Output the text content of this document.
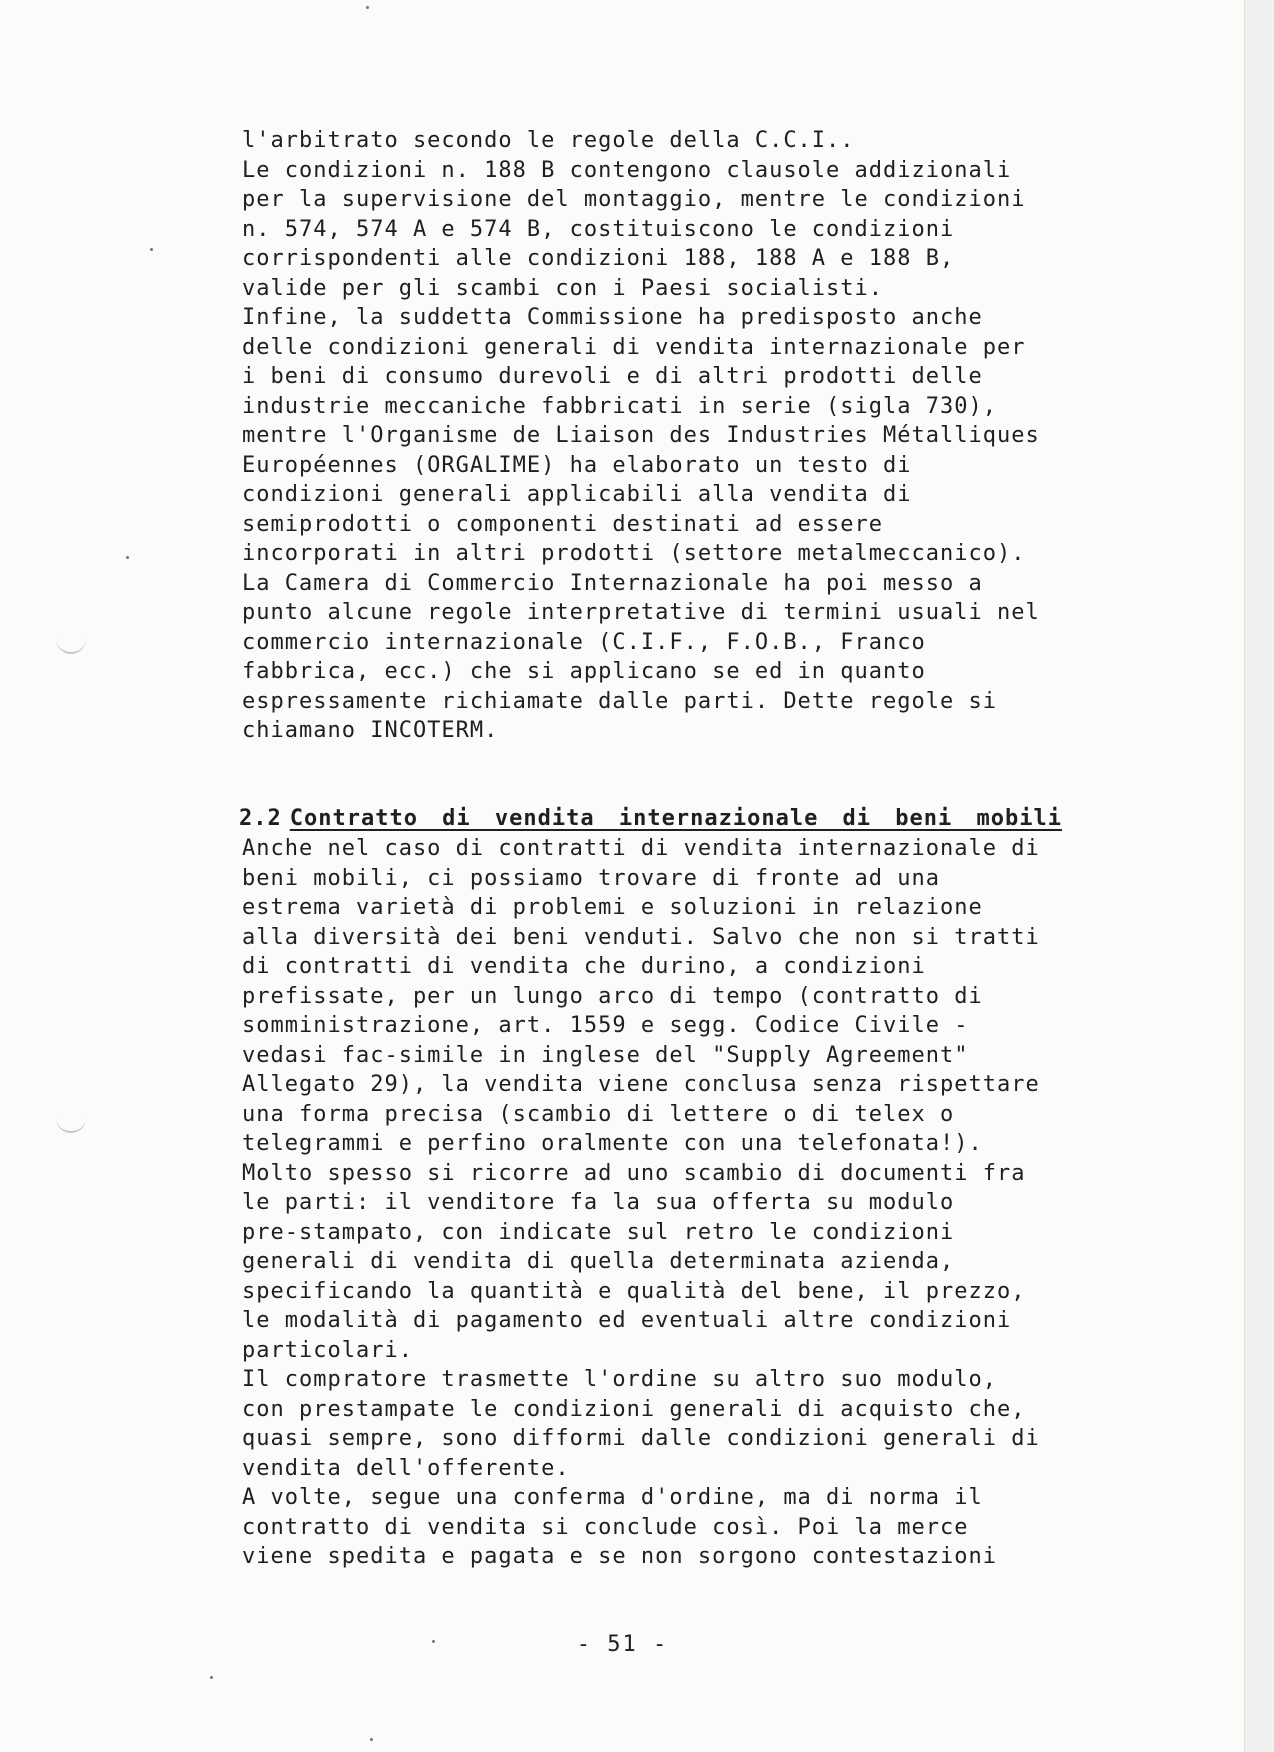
l'arbitrato secondo le regole della C.C.I..
Le condizioni n. 188 B contengono clausole addizionali
per la supervisione del montaggio, mentre le condizioni
n. 574, 574 A e 574 B, costituiscono le condizioni
corrispondenti alle condizioni 188, 188 A e 188 B,
valide per gli scambi con i Paesi socialisti.
Infine, la suddetta Commissione ha predisposto anche
delle condizioni generali di vendita internazionale per
i beni di consumo durevoli e di altri prodotti delle
industrie meccaniche fabbricati in serie (sigla 730),
mentre l'Organisme de Liaison des Industries Métalliques
Européennes (ORGALIME) ha elaborato un testo di
condizioni generali applicabili alla vendita di
semiprodotti o componenti destinati ad essere
incorporati in altri prodotti (settore metalmeccanico).
La Camera di Commercio Internazionale ha poi messo a
punto alcune regole interpretative di termini usuali nel
commercio internazionale (C.I.F., F.O.B., Franco
fabbrica, ecc.) che si applicano se ed in quanto
espressamente richiamate dalle parti. Dette regole si
chiamano INCOTERM.

2.2 Contratto di vendita internazionale di beni mobili

Anche nel caso di contratti di vendita internazionale di
beni mobili, ci possiamo trovare di fronte ad una
estrema varietà di problemi e soluzioni in relazione
alla diversità dei beni venduti. Salvo che non si tratti
di contratti di vendita che durino, a condizioni
prefissate, per un lungo arco di tempo (contratto di
somministrazione, art. 1559 e segg. Codice Civile -
vedasi fac-simile in inglese del "Supply Agreement"
Allegato 29), la vendita viene conclusa senza rispettare
una forma precisa (scambio di lettere o di telex o
telegrammi e perfino oralmente con una telefonata!).
Molto spesso si ricorre ad uno scambio di documenti fra
le parti: il venditore fa la sua offerta su modulo
pre-stampato, con indicate sul retro le condizioni
generali di vendita di quella determinata azienda,
specificando la quantità e qualità del bene, il prezzo,
le modalità di pagamento ed eventuali altre condizioni
particolari.
Il compratore trasmette l'ordine su altro suo modulo,
con prestampate le condizioni generali di acquisto che,
quasi sempre, sono difformi dalle condizioni generali di
vendita dell'offerente.
A volte, segue una conferma d'ordine, ma di norma il
contratto di vendita si conclude così. Poi la merce
viene spedita e pagata e se non sorgono contestazioni

- 51 -
